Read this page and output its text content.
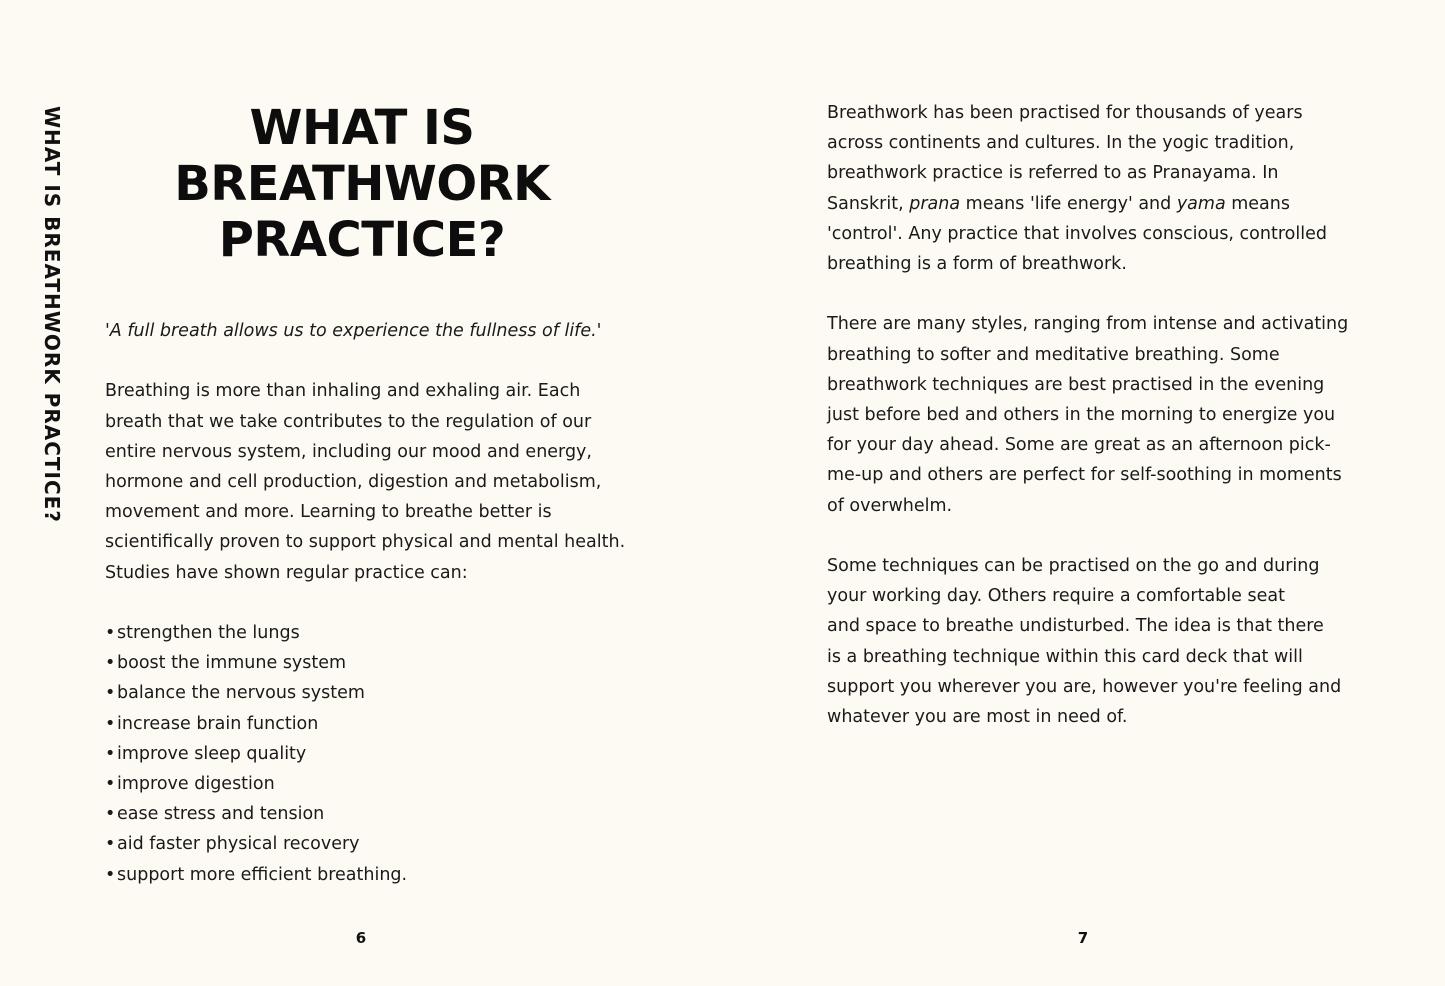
WHAT IS BREATHWORK PRACTICE?	WHAT IS
BREATHWORK
PRACTICE?
'A full breath allows us to experience the fullness of life.'
Breathing is more than inhaling and exhaling air. Each
breath that we take contributes to the regulation of our
entire nervous system, including our mood and energy,
hormone and cell production, digestion and metabolism,
movement and more. Learning to breathe better is
scientifically proven to support physical and mental health.
Studies have shown regular practice can:
•strengthen the lungs
•boost the immune system
•balance the nervous system
•increase brain function
•improve sleep quality
•improve digestion
•ease stress and tension
•aid faster physical recovery
•support more efficient breathing.
6
Breathwork has been practised for thousands of years
across continents and cultures. In the yogic tradition,
breathwork practice is referred to as Pranayama. In
Sanskrit, prana means 'life energy' and yama means
'control'. Any practice that involves conscious, controlled
breathing is a form of breathwork.
There are many styles, ranging from intense and activating
breathing to softer and meditative breathing. Some
breathwork techniques are best practised in the evening
just before bed and others in the morning to energize you
for your day ahead. Some are great as an afternoon pick-
me-up and others are perfect for self-soothing in moments
of overwhelm.
Some techniques can be practised on the go and during
your working day. Others require a comfortable seat
and space to breathe undisturbed. The idea is that there
is a breathing technique within this card deck that will
support you wherever you are, however you're feeling and
whatever you are most in need of.
7
